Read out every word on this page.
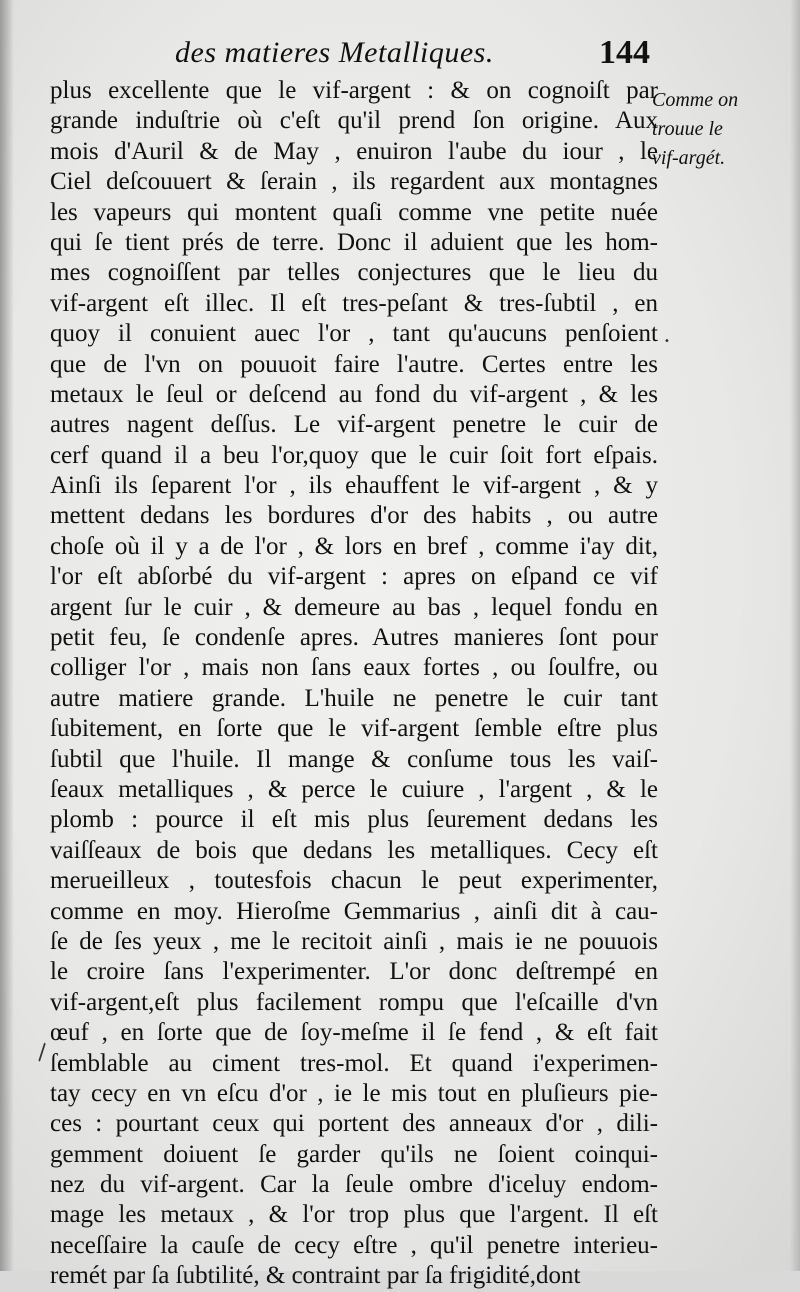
des matieres Metalliques.	144
Comme on
trouue le
vif-argét.
plus excellente que le vif-argent : & on cognoiſt par
grande induſtrie où c'eſt qu'il prend ſon origine. Aux
mois d'Auril & de May , enuiron l'aube du iour , le
Ciel deſcouuert & ſerain , ils regardent aux montagnes
les vapeurs qui montent quaſi comme vne petite nuée
qui ſe tient prés de terre. Donc il aduient que les hom-
mes cognoiſſent par telles conjectures que le lieu du
vif-argent eſt illec. Il eſt tres-peſant & tres-ſubtil , en
quoy il conuient auec l'or , tant qu'aucuns penſoient
que de l'vn on pouuoit faire l'autre. Certes entre les
metaux le ſeul or deſcend au fond du vif-argent , & les
autres nagent deſſus. Le vif-argent penetre le cuir de
cerf quand il a beu l'or,quoy que le cuir ſoit fort eſpais.
Ainſi ils ſeparent l'or , ils ehauffent le vif-argent , & y
mettent dedans les bordures d'or des habits , ou autre
choſe où il y a de l'or , & lors en bref , comme i'ay dit,
l'or eſt abſorbé du vif-argent : apres on eſpand ce vif
argent ſur le cuir , & demeure au bas , lequel fondu en
petit feu, ſe condenſe apres. Autres manieres ſont pour
colliger l'or , mais non ſans eaux fortes , ou ſoulfre, ou
autre matiere grande. L'huile ne penetre le cuir tant
ſubitement, en ſorte que le vif-argent ſemble eſtre plus
ſubtil que l'huile. Il mange & conſume tous les vaiſ-
ſeaux metalliques , & perce le cuiure , l'argent , & le
plomb : pource il eſt mis plus ſeurement dedans les
vaiſſeaux de bois que dedans les metalliques. Cecy eſt
merueilleux , toutesfois chacun le peut experimenter,
comme en moy. Hieroſme Gemmarius , ainſi dit à cau-
ſe de ſes yeux , me le recitoit ainſi , mais ie ne pouuois
le croire ſans l'experimenter. L'or donc deſtrempé en
vif-argent,eſt plus facilement rompu que l'eſcaille d'vn
œuf , en ſorte que de ſoy-meſme il ſe fend , & eſt fait
ſemblable au ciment tres-mol. Et quand i'experimen-
tay cecy en vn eſcu d'or , ie le mis tout en pluſieurs pie-
ces : pourtant ceux qui portent des anneaux d'or , dili-
gemment doiuent ſe garder qu'ils ne ſoient coinqui-
nez du vif-argent. Car la ſeule ombre d'iceluy endom-
mage les metaux , & l'or trop plus que l'argent. Il eſt
neceſſaire la cauſe de cecy eſtre , qu'il penetre interieu-
remét par ſa ſubtilité, & contraint par ſa frigidité,dont
•
\
